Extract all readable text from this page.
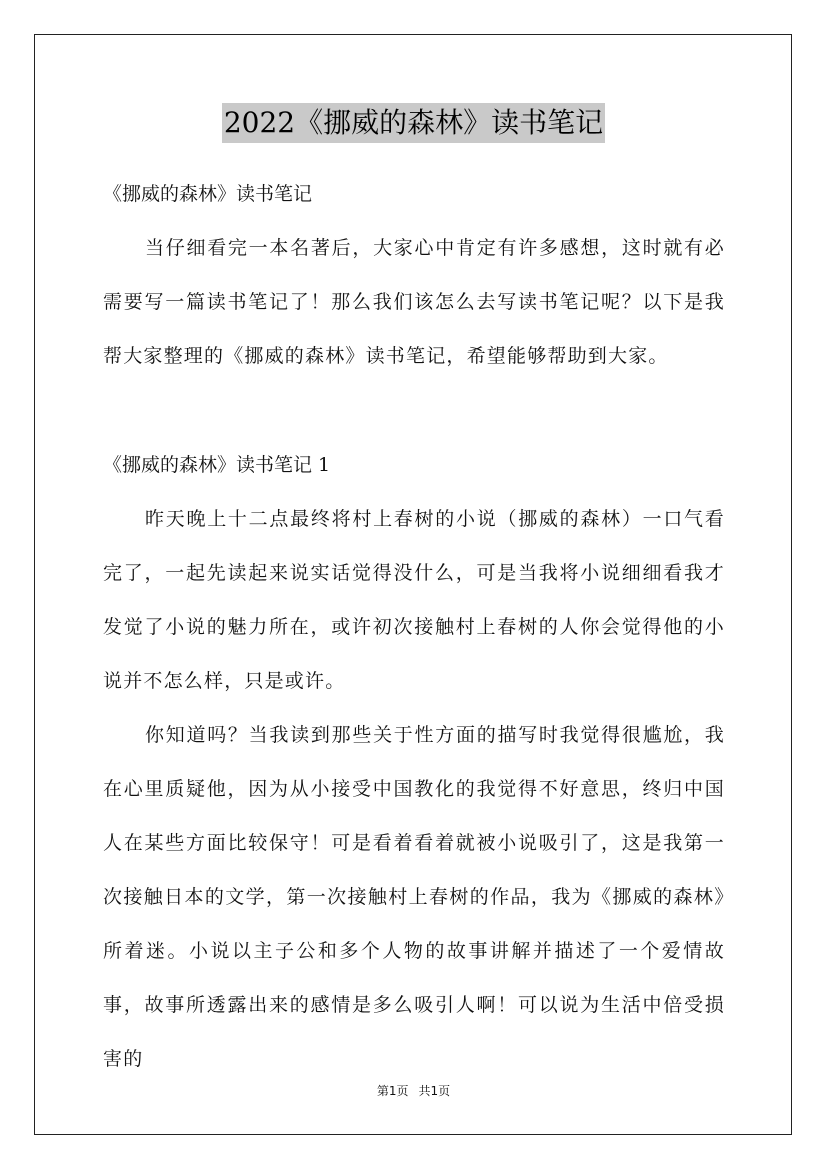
2022《挪威的森林》读书笔记
《挪威的森林》读书笔记

当仔细看完一本名著后，大家心中肯定有许多感想，这时就有必需要写一篇读书笔记了！那么我们该怎么去写读书笔记呢？以下是我帮大家整理的《挪威的森林》读书笔记，希望能够帮助到大家。

《挪威的森林》读书笔记 1

昨天晚上十二点最终将村上春树的小说（挪威的森林）一口气看完了，一起先读起来说实话觉得没什么，可是当我将小说细细看我才发觉了小说的魅力所在，或许初次接触村上春树的人你会觉得他的小说并不怎么样，只是或许。

你知道吗？当我读到那些关于性方面的描写时我觉得很尴尬，我在心里质疑他，因为从小接受中国教化的我觉得不好意思，终归中国人在某些方面比较保守！可是看着看着就被小说吸引了，这是我第一次接触日本的文学，第一次接触村上春树的作品，我为《挪威的森林》所着迷。小说以主子公和多个人物的故事讲解并描述了一个爱情故事，故事所透露出来的感情是多么吸引人啊！可以说为生活中倍受损害的

第1页 共1页
